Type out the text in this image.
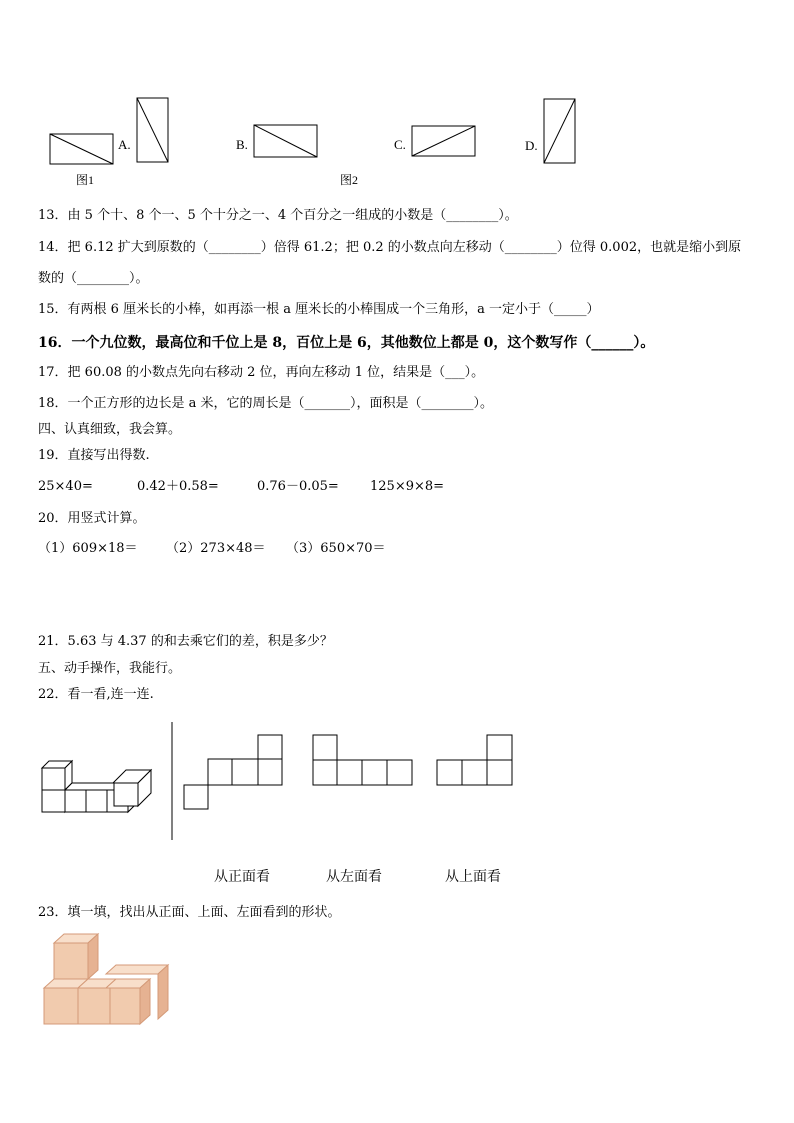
A.	B.	C.	D.
图1	图2
13．由 5 个十、8 个一、5 个十分之一、4 个百分之一组成的小数是（________）。
14．把 6.12 扩大到原数的（________）倍得 61.2；把 0.2 的小数点向左移动（________）位得 0.002，也就是缩小到原
数的（________）。
15．有两根 6 厘米长的小棒，如再添一根 a 厘米长的小棒围成一个三角形，a 一定小于（_____）
16．一个九位数，最高位和千位上是 8，百位上是 6，其他数位上都是 0，这个数写作（______）。
17．把 60.08 的小数点先向右移动 2 位，再向左移动 1 位，结果是（___）。
18．一个正方形的边长是 a 米，它的周长是（_______），面积是（________）。
四、认真细致，我会算。
19．直接写出得数.
25×40=	0.42＋0.58=	0.76－0.05= 125×9×8=
20．用竖式计算。
（1）609×18＝ （2）273×48＝ （3）650×70＝
21．5.63 与 4.37 的和去乘它们的差，积是多少？
五、动手操作，我能行。
22．看一看,连一连.
从正面看	从左面看	从上面看
23．填一填，找出从正面、上面、左面看到的形状。
